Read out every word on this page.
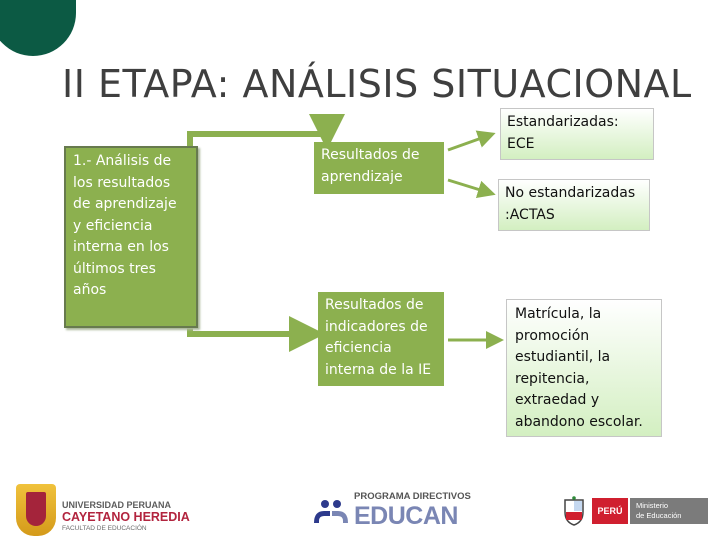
II ETAPA: ANÁLISIS SITUACIONAL
1.- Análisis de los resultados de aprendizaje y eficiencia interna en los últimos tres años
Resultados de aprendizaje
Resultados de indicadores de eficiencia interna de la IE
Estandarizadas: ECE
No estandarizadas :ACTAS
Matrícula, la promoción estudiantil, la repitencia, extraedad y abandono escolar.
UNIVERSIDAD PERUANA
CAYETANO HEREDIA
FACULTAD DE EDUCACIÓN
PROGRAMA DIRECTIVOS
EDUCAN	PERÚ
Ministerio
de Educación
